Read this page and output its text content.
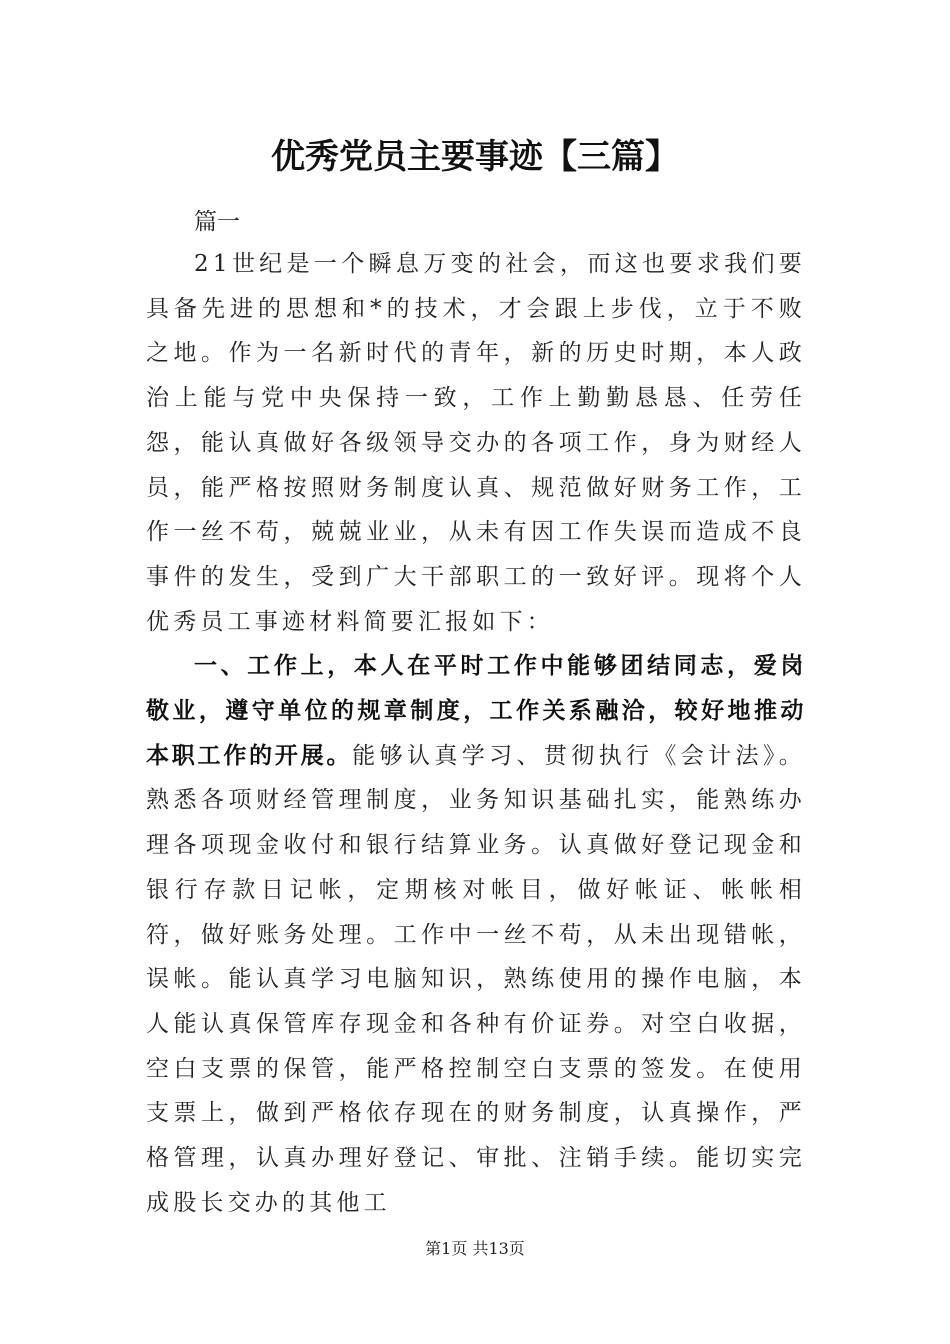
优秀党员主要事迹【三篇】
篇一

21世纪是一个瞬息万变的社会，而这也要求我们要具备先进的思想和*的技术，才会跟上步伐，立于不败之地。作为一名新时代的青年，新的历史时期，本人政治上能与党中央保持一致，工作上勤勤恳恳、任劳任怨，能认真做好各级领导交办的各项工作，身为财经人员，能严格按照财务制度认真、规范做好财务工作，工作一丝不苟，兢兢业业，从未有因工作失误而造成不良事件的发生，受到广大干部职工的一致好评。现将个人优秀员工事迹材料简要汇报如下：

一、工作上，本人在平时工作中能够团结同志，爱岗敬业，遵守单位的规章制度，工作关系融洽，较好地推动本职工作的开展。能够认真学习、贯彻执行《会计法》。熟悉各项财经管理制度，业务知识基础扎实，能熟练办理各项现金收付和银行结算业务。认真做好登记现金和银行存款日记帐，定期核对帐目，做好帐证、帐帐相符，做好账务处理。工作中一丝不苟，从未出现错帐，误帐。能认真学习电脑知识，熟练使用的操作电脑，本人能认真保管库存现金和各种有价证券。对空白收据，空白支票的保管，能严格控制空白支票的签发。在使用支票上，做到严格依存现在的财务制度，认真操作，严格管理，认真办理好登记、审批、注销手续。能切实完成股长交办的其他工

第1页 共13页
